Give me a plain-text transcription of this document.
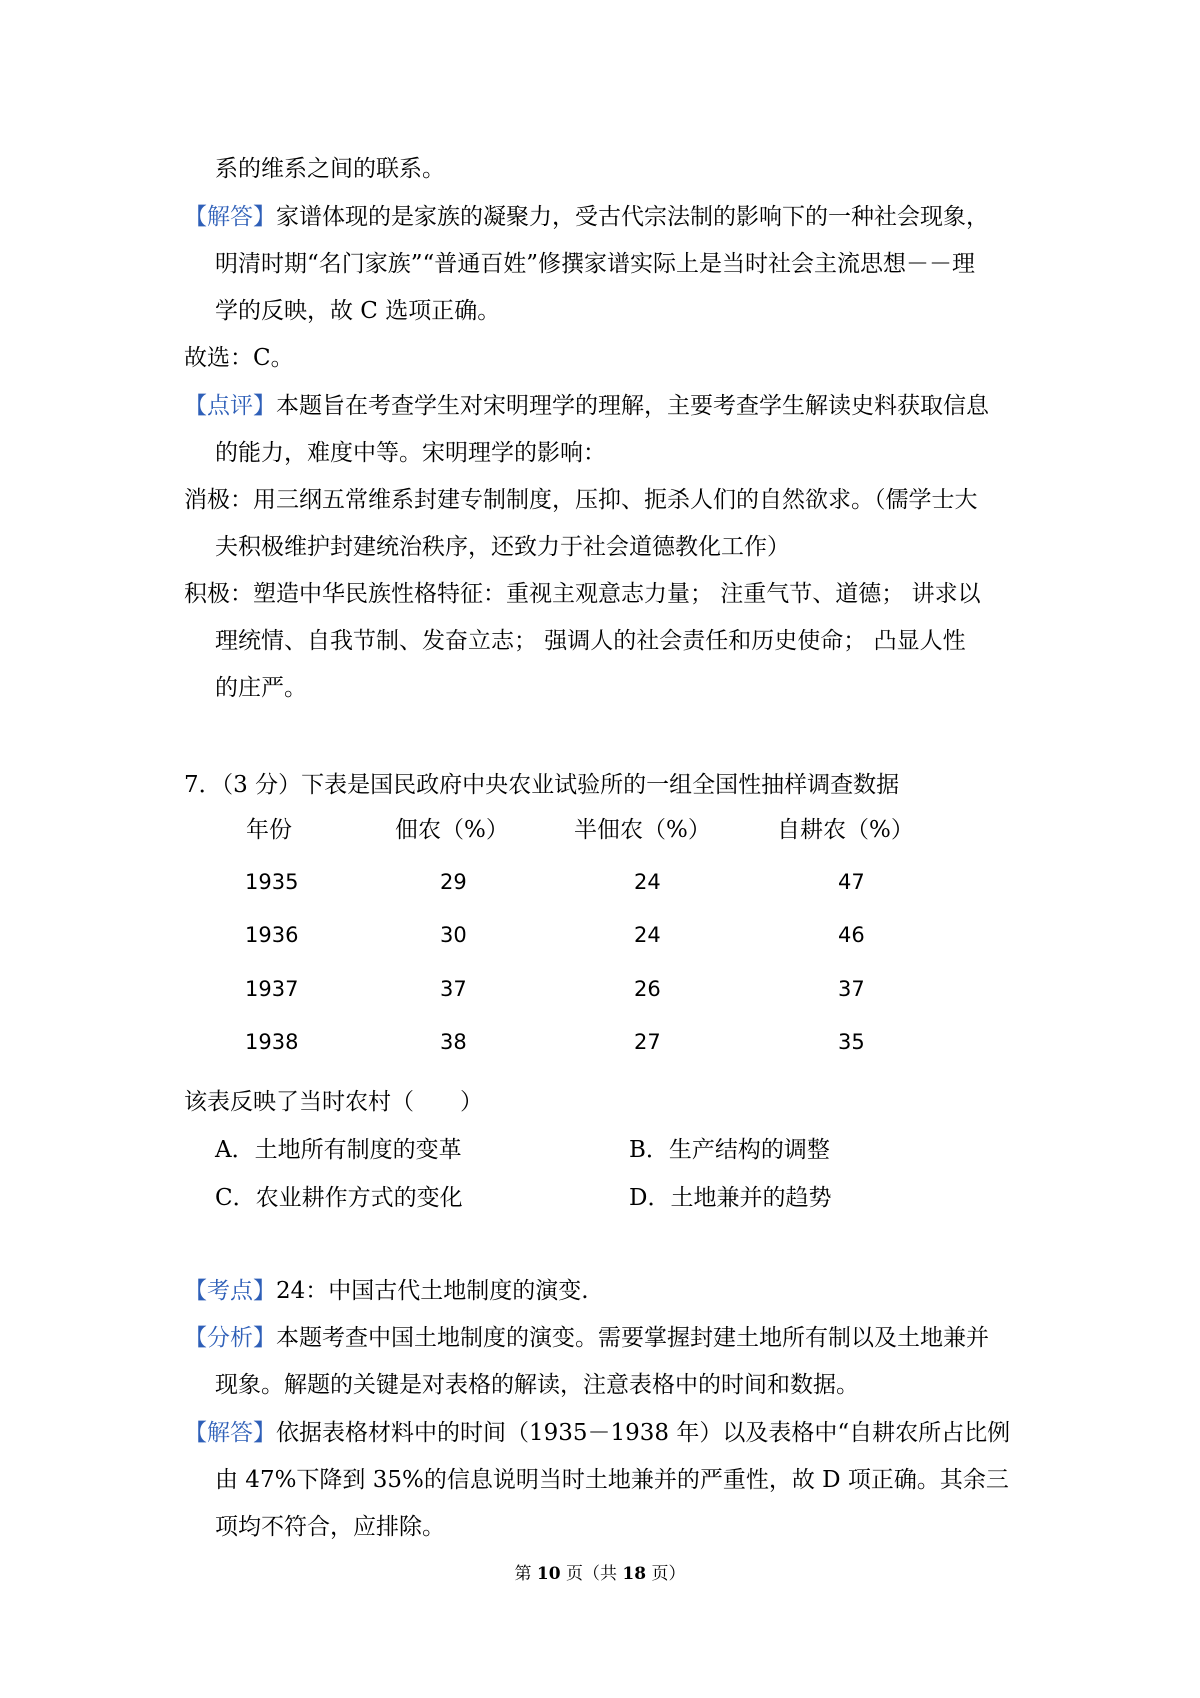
系的维系之间的联系。
【解答】家谱体现的是家族的凝聚力，受古代宗法制的影响下的一种社会现象，
明清时期“名门家族”“普通百姓”修撰家谱实际上是当时社会主流思想－－理
学的反映，故 C 选项正确。
故选：C。
【点评】本题旨在考查学生对宋明理学的理解，主要考查学生解读史料获取信息
的能力，难度中等。宋明理学的影响：
消极：用三纲五常维系封建专制制度，压抑、扼杀人们的自然欲求。（儒学士大
夫积极维护封建统治秩序，还致力于社会道德教化工作）
积极：塑造中华民族性格特征：重视主观意志力量； 注重气节、道德； 讲求以
理统情、自我节制、发奋立志； 强调人的社会责任和历史使命； 凸显人性
的庄严。
7．（3 分）下表是国民政府中央农业试验所的一组全国性抽样调查数据
年份	佃农（%）	半佃农（%）	自耕农（%）
1935	29	24	47
1936	30	24	46
1937	37	26	37
1938	38	27	35
该表反映了当时农村（　　）
A．土地所有制度的变革	B．生产结构的调整
C．农业耕作方式的变化	D．土地兼并的趋势
【考点】24：中国古代土地制度的演变.
【分析】本题考查中国土地制度的演变。需要掌握封建土地所有制以及土地兼并
现象。解题的关键是对表格的解读，注意表格中的时间和数据。
【解答】依据表格材料中的时间（1935－1938 年）以及表格中“自耕农所占比例
由 47%下降到 35%的信息说明当时土地兼并的严重性，故 D 项正确。其余三
项均不符合，应排除。
第 10 页（共 18 页）
